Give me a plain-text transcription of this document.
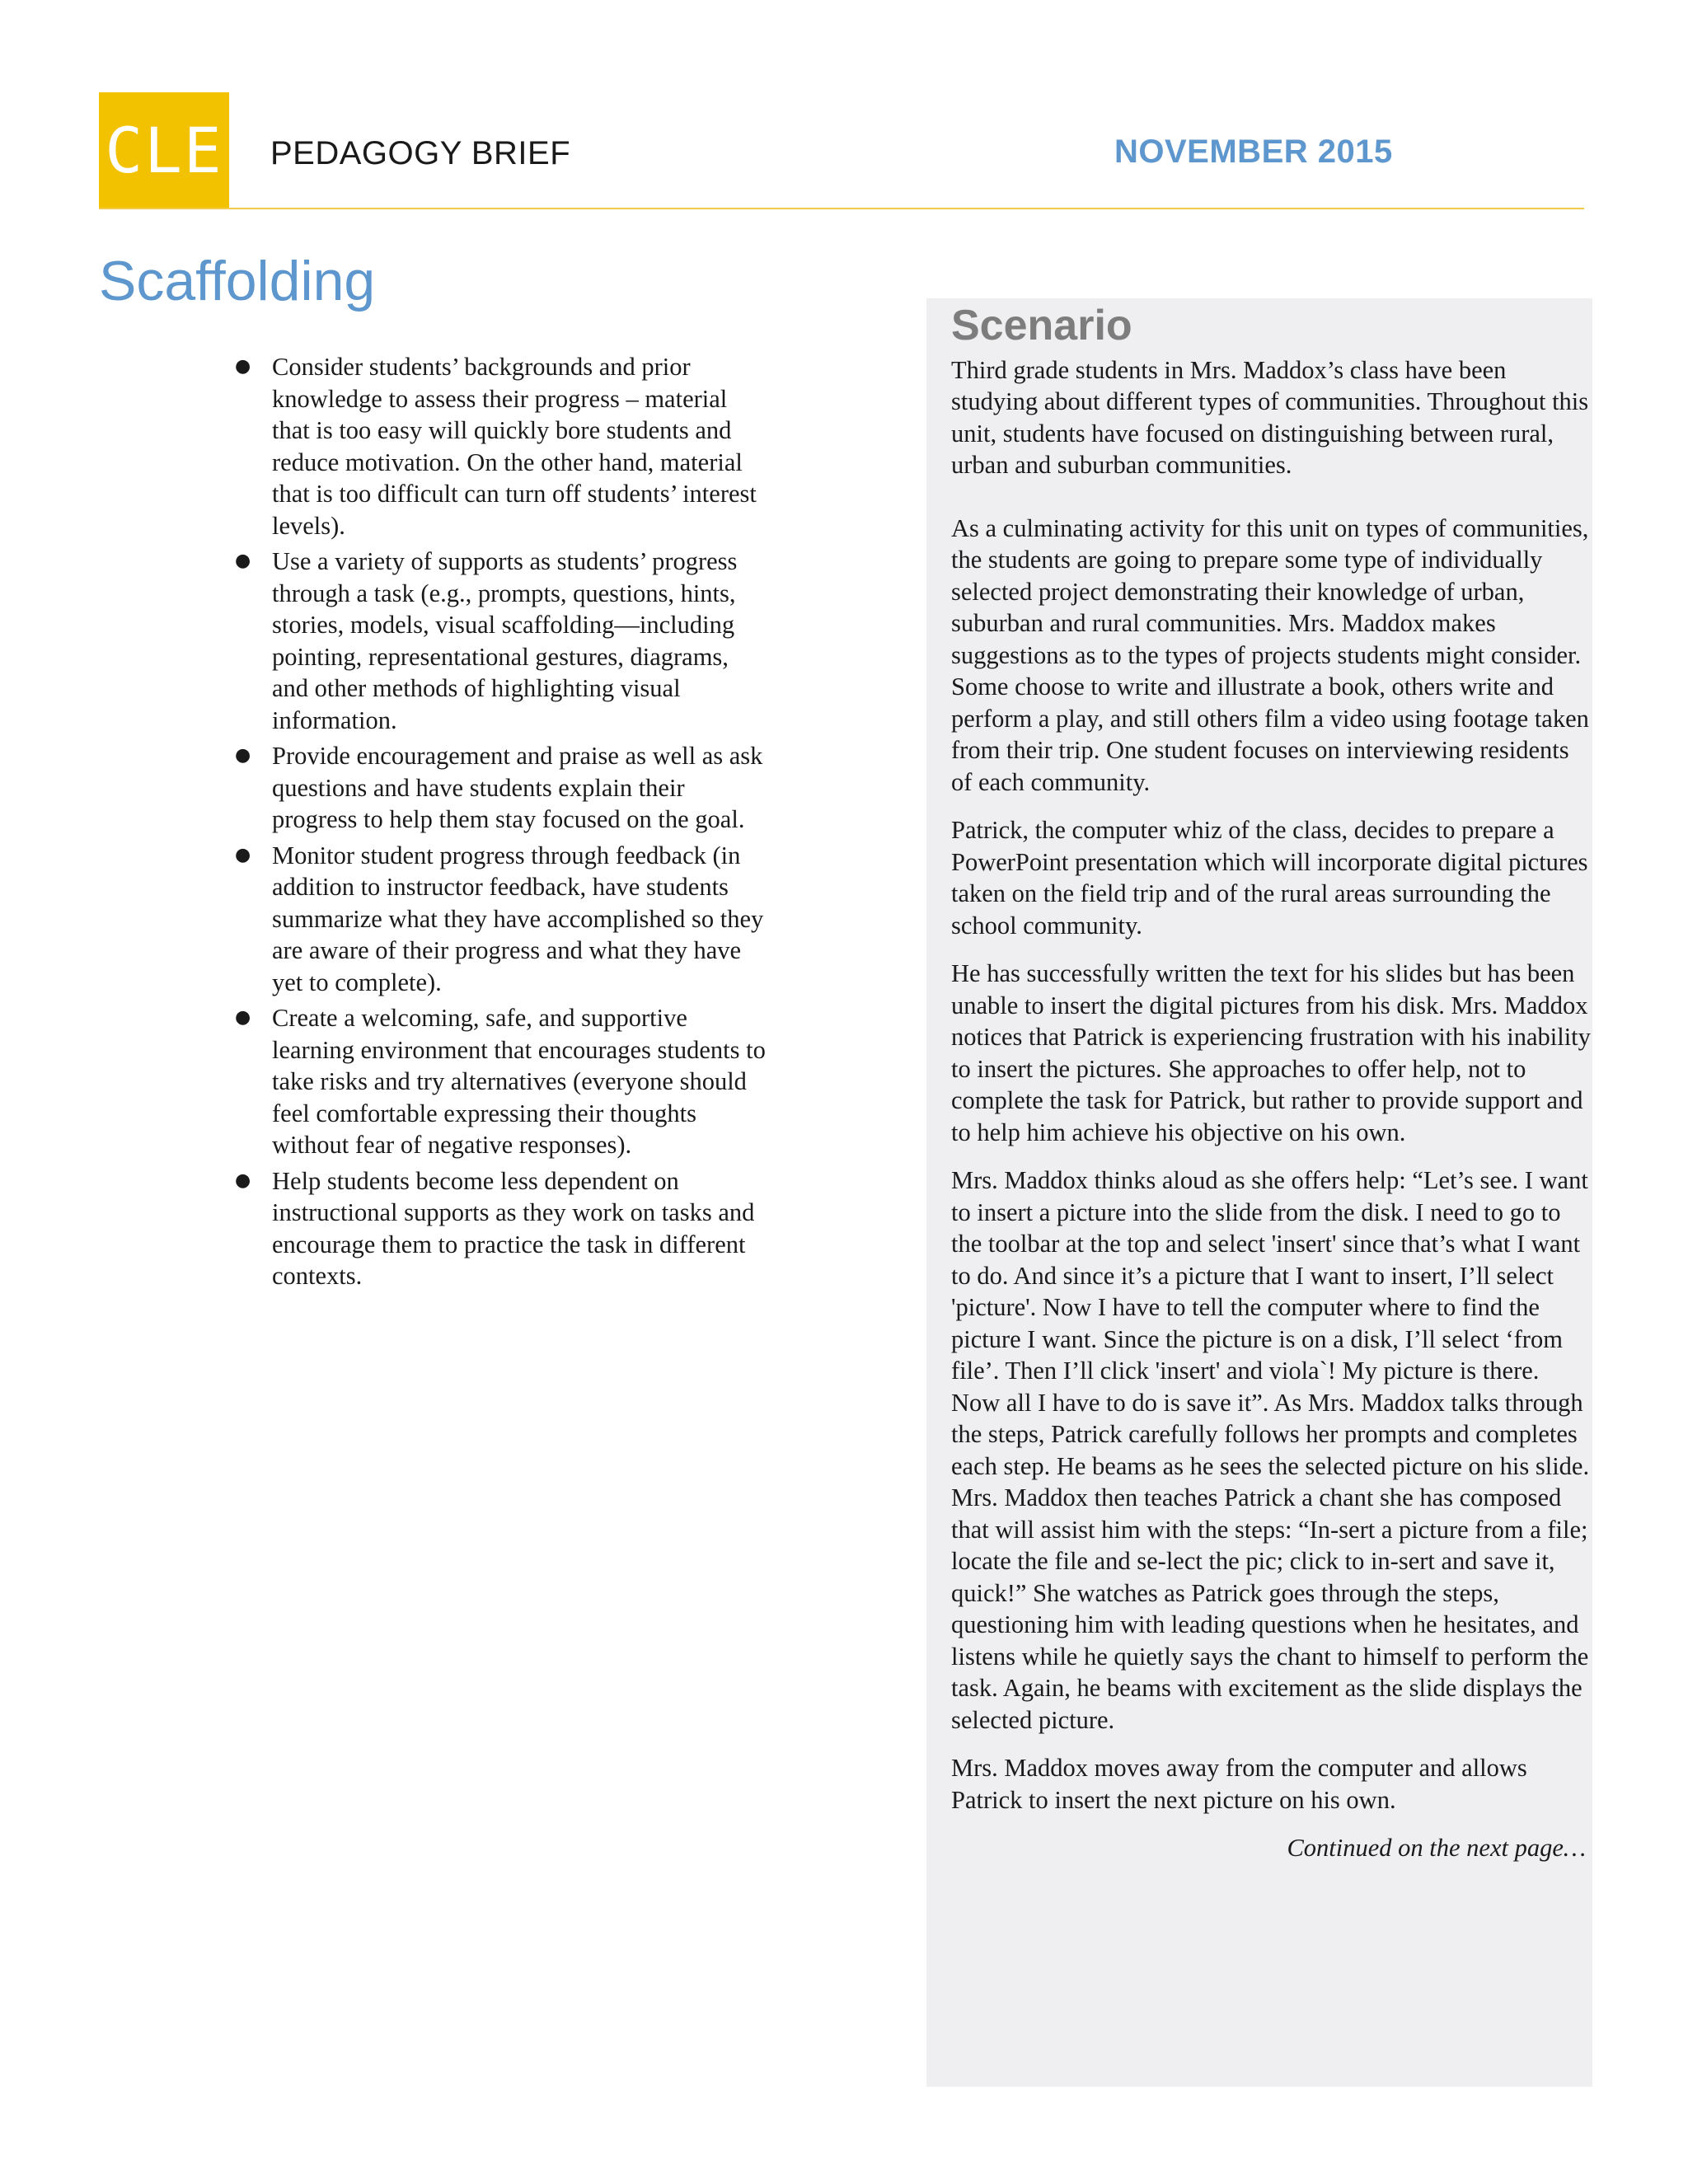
CLE PEDAGOGY BRIEF	NOVEMBER 2015
Scaffolding
● Consider students’ backgrounds and prior knowledge to assess their progress – material that is too easy will quickly bore students and reduce motivation. On the other hand, material that is too difficult can turn off students’ interest levels).
● Use a variety of supports as students’ progress through a task (e.g., prompts, questions, hints, stories, models, visual scaffolding—including pointing, representational gestures, diagrams, and other methods of highlighting visual information.
● Provide encouragement and praise as well as ask questions and have students explain their progress to help them stay focused on the goal.
● Monitor student progress through feedback (in addition to instructor feedback, have students summarize what they have accomplished so they are aware of their progress and what they have yet to complete).
● Create a welcoming, safe, and supportive learning environment that encourages students to take risks and try alternatives (everyone should feel comfortable expressing their thoughts without fear of negative responses).
● Help students become less dependent on instructional supports as they work on tasks and encourage them to practice the task in different contexts.
Scenario

Third grade students in Mrs. Maddox’s class have been studying about different types of communities. Throughout this unit, students have focused on distinguishing between rural, urban and suburban communities.

As a culminating activity for this unit on types of communities, the students are going to prepare some type of individually selected project demonstrating their knowledge of urban, suburban and rural communities. Mrs. Maddox makes suggestions as to the types of projects students might consider. Some choose to write and illustrate a book, others write and perform a play, and still others film a video using footage taken from their trip. One student focuses on interviewing residents of each community.

Patrick, the computer whiz of the class, decides to prepare a PowerPoint presentation which will incorporate digital pictures taken on the field trip and of the rural areas surrounding the school community.

He has successfully written the text for his slides but has been unable to insert the digital pictures from his disk. Mrs. Maddox notices that Patrick is experiencing frustration with his inability to insert the pictures. She approaches to offer help, not to complete the task for Patrick, but rather to provide support and to help him achieve his objective on his own.

Mrs. Maddox thinks aloud as she offers help: “Let’s see. I want to insert a picture into the slide from the disk. I need to go to the toolbar at the top and select 'insert' since that’s what I want to do. And since it’s a picture that I want to insert, I’ll select 'picture'. Now I have to tell the computer where to find the picture I want. Since the picture is on a disk, I’ll select ‘from file’. Then I’ll click 'insert' and viola`! My picture is there. Now all I have to do is save it”. As Mrs. Maddox talks through the steps, Patrick carefully follows her prompts and completes each step. He beams as he sees the selected picture on his slide. Mrs. Maddox then teaches Patrick a chant she has composed that will assist him with the steps: “In-sert a picture from a file; locate the file and se-lect the pic; click to in-sert and save it, quick!” She watches as Patrick goes through the steps, questioning him with leading questions when he hesitates, and listens while he quietly says the chant to himself to perform the task. Again, he beams with excitement as the slide displays the selected picture.

Mrs. Maddox moves away from the computer and allows Patrick to insert the next picture on his own.

Continued on the next page…
